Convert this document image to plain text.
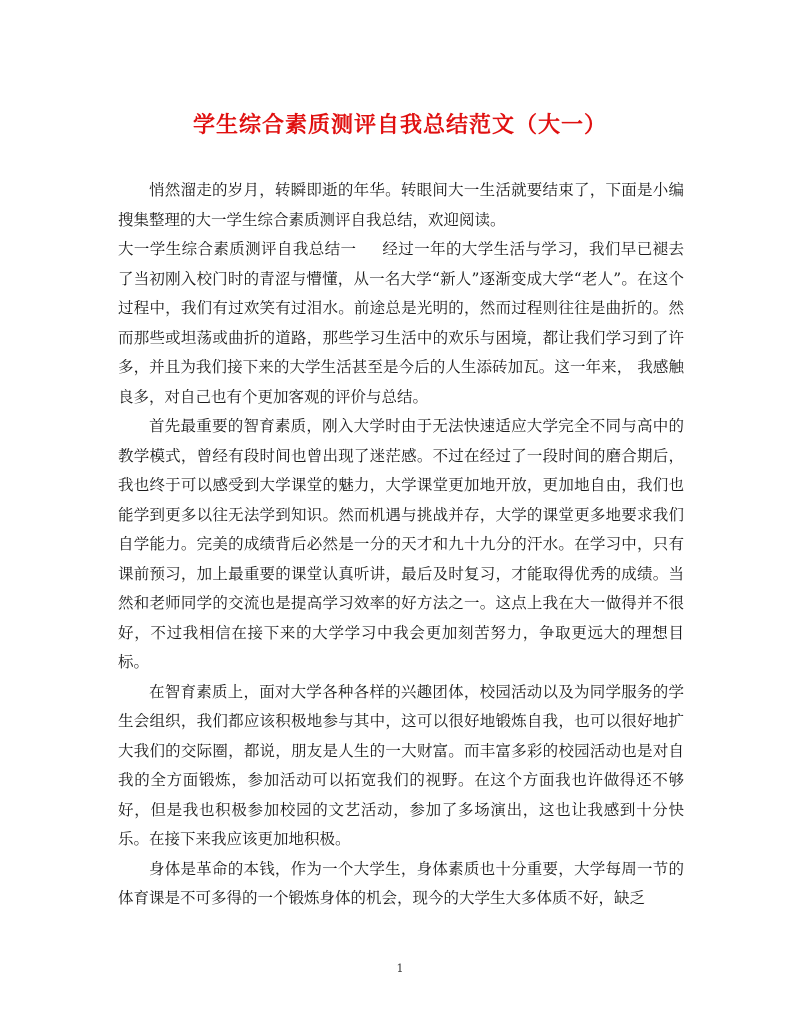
学生综合素质测评自我总结范文（大一）

悄然溜走的岁月，转瞬即逝的年华。转眼间大一生活就要结束了，下面是小编搜集整理的大一学生综合素质测评自我总结，欢迎阅读。

大一学生综合素质测评自我总结一 经过一年的大学生活与学习，我们早已褪去了当初刚入校门时的青涩与懵懂，从一名大学“新人”逐渐变成大学“老人”。在这个过程中，我们有过欢笑有过泪水。前途总是光明的，然而过程则往往是曲折的。然而那些或坦荡或曲折的道路，那些学习生活中的欢乐与困境，都让我们学习到了许多，并且为我们接下来的大学生活甚至是今后的人生添砖加瓦。这一年来， 我感触良多，对自己也有个更加客观的评价与总结。

首先最重要的智育素质，刚入大学时由于无法快速适应大学完全不同与高中的教学模式，曾经有段时间也曾出现了迷茫感。不过在经过了一段时间的磨合期后，我也终于可以感受到大学课堂的魅力，大学课堂更加地开放，更加地自由，我们也能学到更多以往无法学到知识。然而机遇与挑战并存，大学的课堂更多地要求我们自学能力。完美的成绩背后必然是一分的天才和九十九分的汗水。在学习中，只有课前预习，加上最重要的课堂认真听讲，最后及时复习，才能取得优秀的成绩。当然和老师同学的交流也是提高学习效率的好方法之一。这点上我在大一做得并不很好，不过我相信在接下来的大学学习中我会更加刻苦努力，争取更远大的理想目标。

在智育素质上，面对大学各种各样的兴趣团体，校园活动以及为同学服务的学生会组织，我们都应该积极地参与其中，这可以很好地锻炼自我，也可以很好地扩大我们的交际圈，都说，朋友是人生的一大财富。而丰富多彩的校园活动也是对自我的全方面锻炼，参加活动可以拓宽我们的视野。在这个方面我也许做得还不够好，但是我也积极参加校园的文艺活动，参加了多场演出，这也让我感到十分快乐。在接下来我应该更加地积极。

身体是革命的本钱，作为一个大学生，身体素质也十分重要，大学每周一节的体育课是不可多得的一个锻炼身体的机会，现今的大学生大多体质不好，缺乏

1
